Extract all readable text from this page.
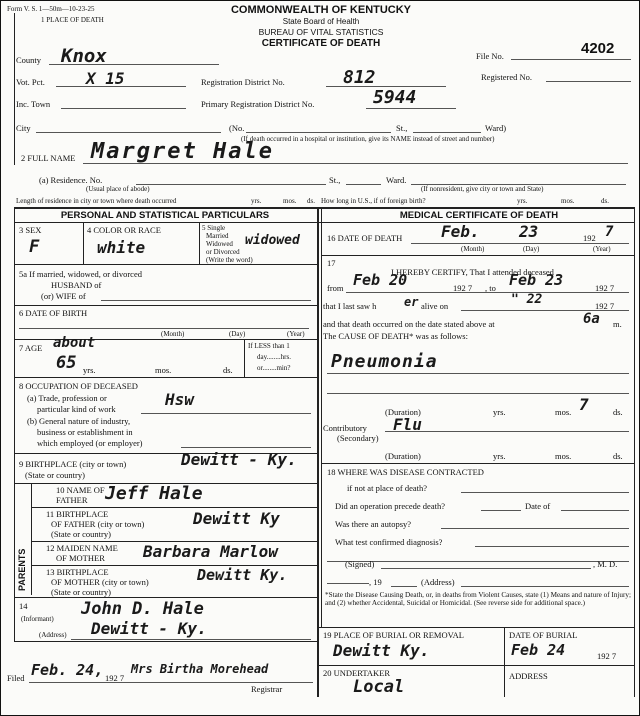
Form V. S. 1—50m—10-23-25
1 PLACE OF DEATH
COMMONWEALTH OF KENTUCKY
State Board of Health
BUREAU OF VITAL STATISTICS
CERTIFICATE OF DEATH
File No.	4202
Registered No.
County Knox
Vot. Pct.	X 15	Registration District No.	812
Inc. Town	Primary Registration District No.	5944
City	(No.	St.,	Ward)
(If death occurred in a hospital or institution, give its NAME instead of street and number)
2 FULL NAME Margret Hale
(a) Residence. No.	St.,	Ward.
(Usual place of abode)	(If nonresident, give city or town and State)
Length of residence in city or town where death occurred	yrs.	mos. ds. How long in U.S., if of foreign birth?	yrs.	mos.	ds.
PERSONAL AND STATISTICAL PARTICULARS	MEDICAL CERTIFICATE OF DEATH
3 SEX
F
4 COLOR OR RACE
white
5 Single
Married
Widowed
or Divorced
(Write the word)
widowed
5a If married, widowed, or divorced
HUSBAND of
(or) WIFE of
6 DATE OF BIRTH
(Month)	(Day)	(Year)
7 AGE about
65 yrs.	mos.	ds.
If LESS than 1
day........hrs.
or........min?
8 OCCUPATION OF DECEASED
(a) Trade, profession or
particular kind of work	Hsw
(b) General nature of industry,
business or establishment in
which employed (or employer)
9 BIRTHPLACE (city or town)
(State or country)
Dewitt - Ky.
PARENTS
10 NAME OF
FATHER Jeff Hale
11 BIRTHPLACE
OF FATHER (city or town)
(State or country)
Dewitt Ky
12 MAIDEN NAME
OF MOTHER Barbara Marlow
13 BIRTHPLACE
OF MOTHER (city or town)
(State or country)
Dewitt Ky.
14	John D. Hale
(Informant)
(Address) Dewitt - Ky.
16 DATE OF DEATH Feb. 23	192 7
(Month)	(Day)	(Year)
17
I HEREBY CERTIFY, That I attended deceased
from Feb 20	192 7 , to Feb 23	192 7
that I last saw h er alive on	" 22	192 7
and that death occurred on the date stated above at	6a m.
The CAUSE OF DEATH* was as follows:
Pneumonia
(Duration)	yrs.	mos. 7	ds.
Contributory Flu
(Secondary)
(Duration)	yrs.	mos.	ds.
18 WHERE WAS DISEASE CONTRACTED
if not at place of death?
Did an operation precede death?	Date of
Was there an autopsy?
What test confirmed diagnosis?
(Signed)	, M. D.
, 19	(Address)
*State the Disease Causing Death, or, in deaths from Violent Causes, state (1) Means and nature of Injury; and (2) whether Accidental, Suicidal or Homicidal. (See reverse side for additional space.)
19 PLACE OF BURIAL OR REMOVAL	DATE OF BURIAL
Dewitt Ky.	Feb 24	192 7
20 UNDERTAKER
Local
ADDRESS
Filed Feb. 24, 192 7
Mrs Birtha Morehead
Registrar
